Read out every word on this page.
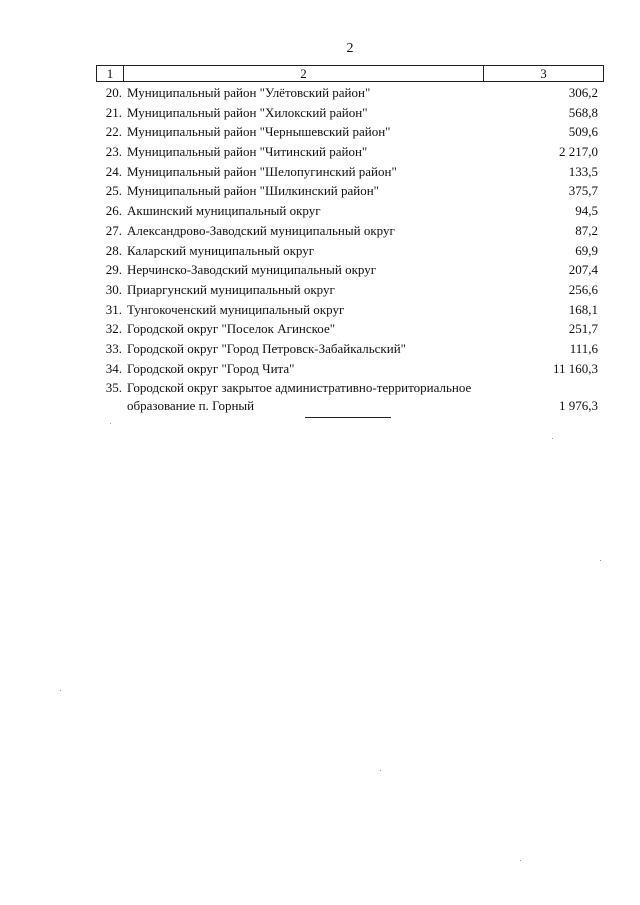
2
1	2	3
20. Муниципальный район "Улётовский район"	306,2
21. Муниципальный район "Хилокский район"	568,8
22. Муниципальный район "Чернышевский район"	509,6
23. Муниципальный район "Читинский район"	2 217,0
24. Муниципальный район "Шелопугинский район"	133,5
25. Муниципальный район "Шилкинский район"	375,7
26. Акшинский муниципальный округ	94,5
27. Александрово-Заводский муниципальный округ	87,2
28. Каларский муниципальный округ	69,9
29. Нерчинско-Заводский муниципальный округ	207,4
30. Приаргунский муниципальный округ	256,6
31. Тунгокоченский муниципальный округ	168,1
32. Городской округ "Поселок Агинское"	251,7
33. Городской округ "Город Петровск-Забайкальский"	111,6
34. Городской округ "Город Чита"	11 160,3
35. Городской округ закрытое административно-территориальное образование п. Горный	1 976,3
